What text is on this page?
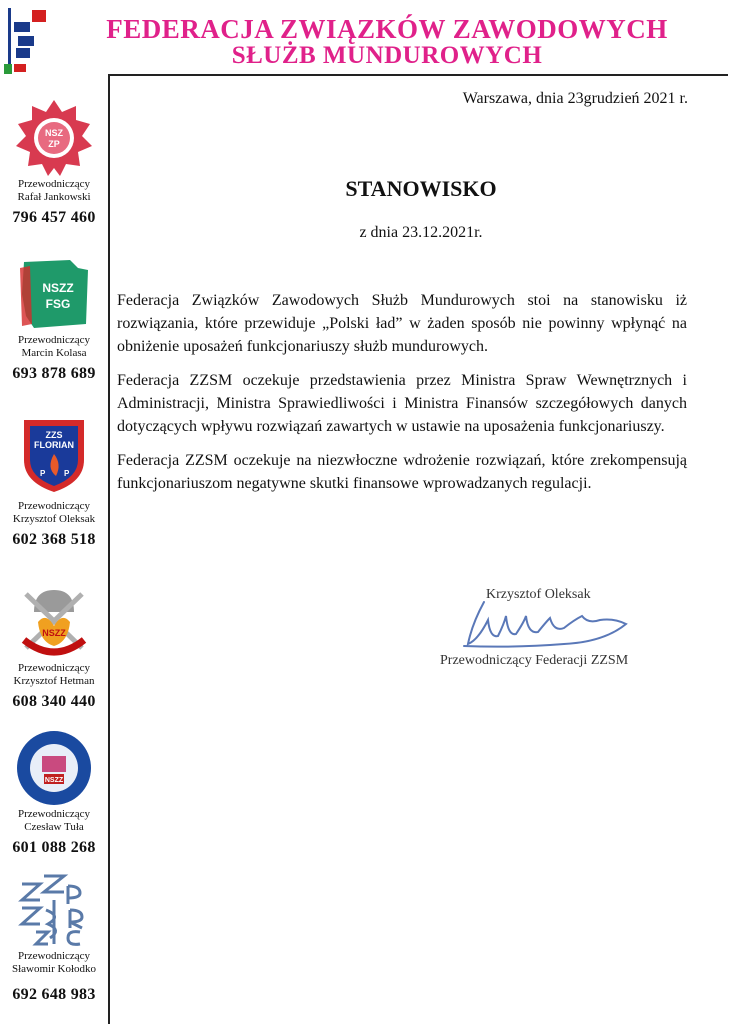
FEDERACJA ZWIĄZKÓW ZAWODOWYCH
SŁUŻB MUNDUROWYCH
NSZ
ZP
Przewodniczący
Rafał Jankowski
796 457 460
NSZZ
FSG
Przewodniczący
Marcin Kolasa
693 878 689
ZZS
FLORIAN
P P
Przewodniczący
Krzysztof Oleksak
602 368 518
NSZZ
Przewodniczący
Krzysztof Hetman
608 340 440
NSZZ
Przewodniczący
Czesław Tuła
601 088 268
Przewodniczący
Sławomir Kołodko
692 648 983
Warszawa, dnia 23grudzień 2021 r.
STANOWISKO
z dnia 23.12.2021r.

Federacja Związków Zawodowych Służb Mundurowych stoi na stanowisku iż rozwiązania, które przewiduje „Polski ład” w żaden sposób nie powinny wpłynąć na obniżenie uposażeń funkcjonariuszy służb mundurowych.

Federacja ZZSM oczekuje przedstawienia przez Ministra Spraw Wewnętrznych i Administracji, Ministra Sprawiedliwości i Ministra Finansów szczegółowych danych dotyczących wpływu rozwiązań zawartych w ustawie na uposażenia funkcjonariuszy.

Federacja ZZSM oczekuje na niezwłoczne wdrożenie rozwiązań, które zrekompensują funkcjonariuszom negatywne skutki finansowe wprowadzanych regulacji.

Krzysztof Oleksak
Przewodniczący Federacji ZZSM
